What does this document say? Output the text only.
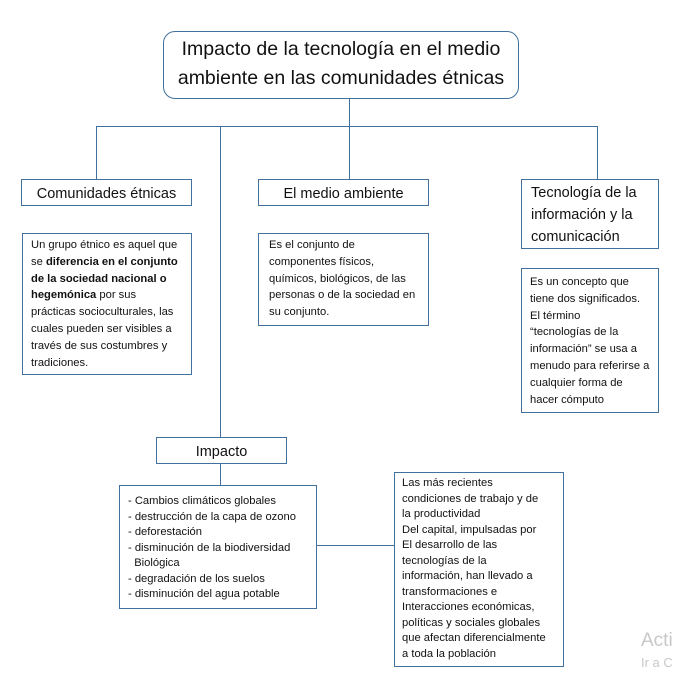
Impacto de la tecnología en el medio
ambiente en las comunidades étnicas
Comunidades étnicas
Un grupo étnico es aquel que se diferencia en el conjunto de la sociedad nacional o hegemónica por sus prácticas socioculturales, las cuales pueden ser visibles a través de sus costumbres y tradiciones.
El medio ambiente
Es el conjunto de componentes físicos, químicos, biológicos, de las personas o de la sociedad en su conjunto.
Tecnología de la
información y la
comunicación
Es un concepto que tiene dos significados.
El término
“tecnologías de la información” se usa a menudo para referirse a cualquier forma de hacer cómputo
Impacto
- Cambios climáticos globales
- destrucción de la capa de ozono
- deforestación
- disminución de la biodiversidad
Biológica
- degradación de los suelos
- disminución del agua potable
Las más recientes
condiciones de trabajo y de
la productividad
Del capital, impulsadas por
El desarrollo de las
tecnologías de la
información, han llevado a
transformaciones e
Interacciones económicas,
políticas y sociales globales
que afectan diferencialmente
a toda la población
Acti
Ir a C
